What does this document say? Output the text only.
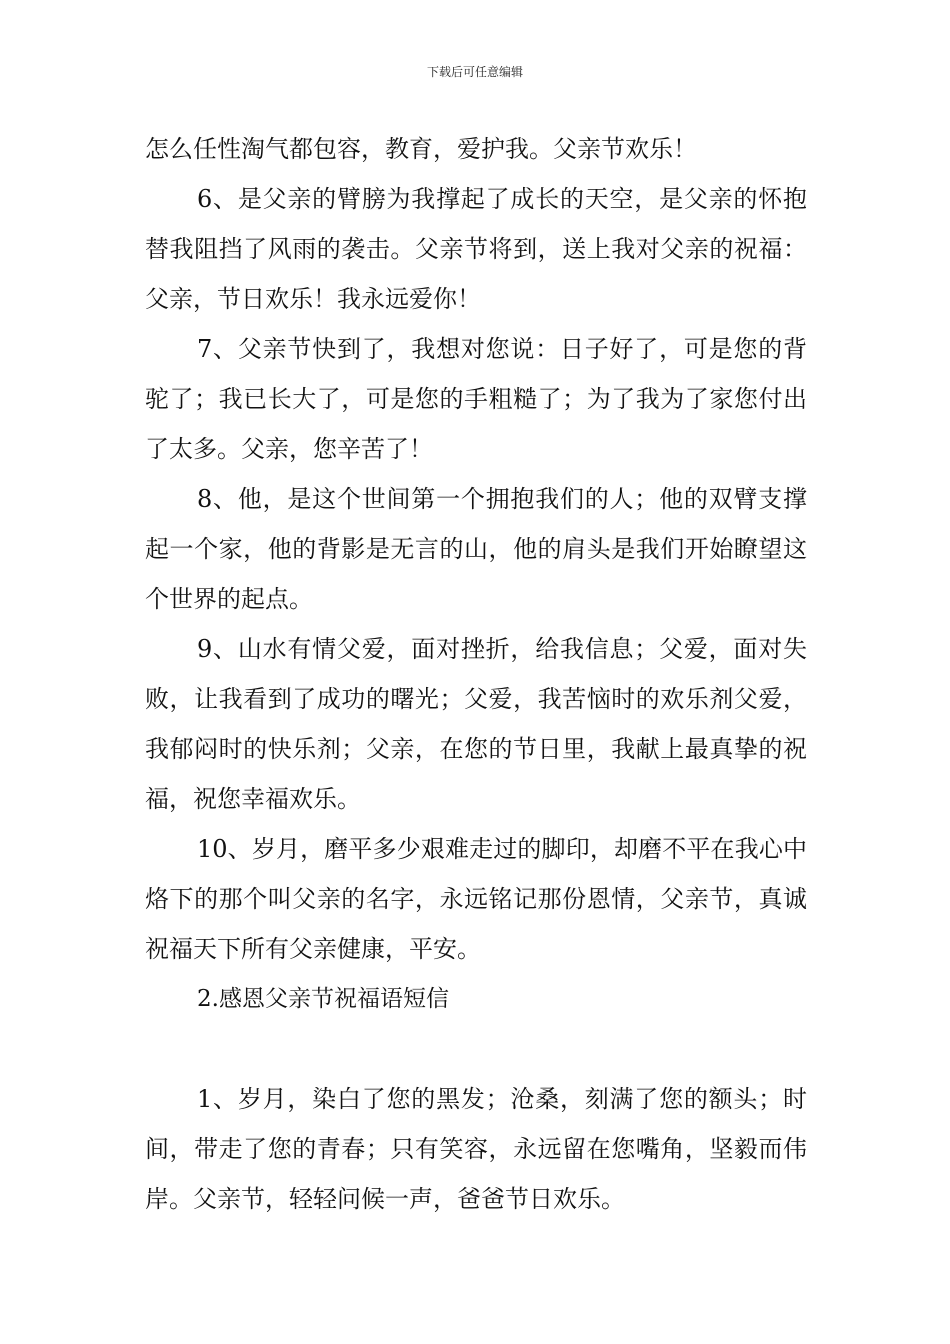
下载后可任意编辑

怎么任性淘气都包容，教育，爱护我。父亲节欢乐！

6、是父亲的臂膀为我撑起了成长的天空，是父亲的怀抱替我阻挡了风雨的袭击。父亲节将到，送上我对父亲的祝福：父亲，节日欢乐！我永远爱你！

7、父亲节快到了，我想对您说：日子好了，可是您的背驼了；我已长大了，可是您的手粗糙了；为了我为了家您付出了太多。父亲，您辛苦了！

8、他，是这个世间第一个拥抱我们的人；他的双臂支撑起一个家，他的背影是无言的山，他的肩头是我们开始瞭望这个世界的起点。

9、山水有情父爱，面对挫折，给我信息；父爱，面对失败，让我看到了成功的曙光；父爱，我苦恼时的欢乐剂父爱，我郁闷时的快乐剂；父亲，在您的节日里，我献上最真挚的祝福，祝您幸福欢乐。

10、岁月，磨平多少艰难走过的脚印，却磨不平在我心中烙下的那个叫父亲的名字，永远铭记那份恩情，父亲节，真诚祝福天下所有父亲健康，平安。

2.感恩父亲节祝福语短信

1、岁月，染白了您的黑发；沧桑，刻满了您的额头；时间，带走了您的青春；只有笑容，永远留在您嘴角，坚毅而伟岸。父亲节，轻轻问候一声，爸爸节日欢乐。
